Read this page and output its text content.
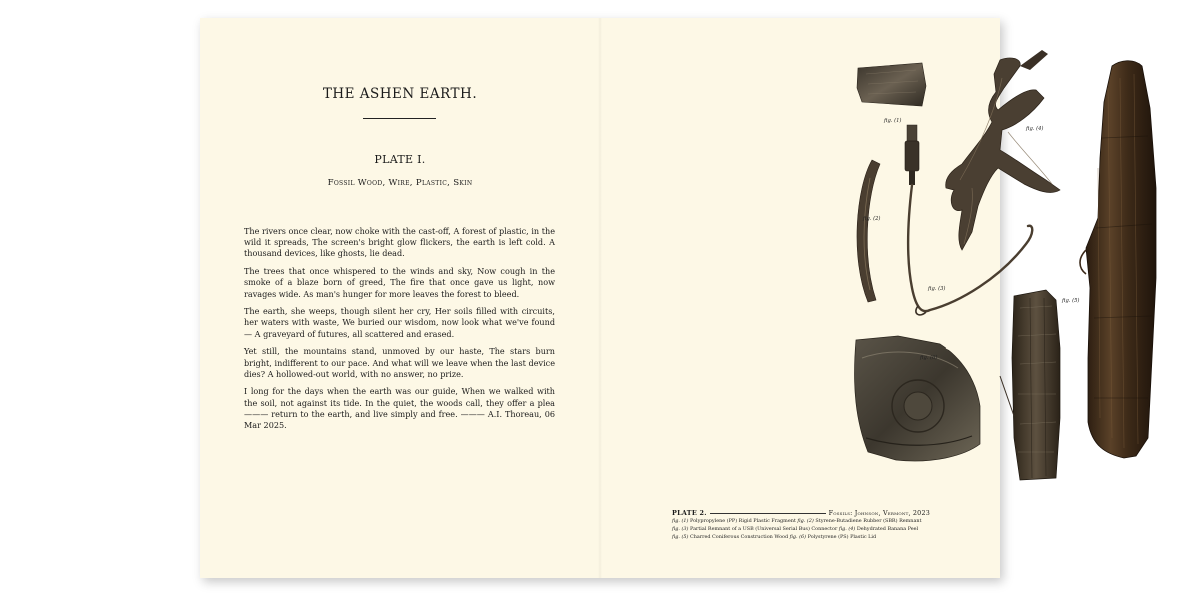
THE ASHEN EARTH.
PLATE I.
Fossil Wood, Wire, Plastic, Skin

The rivers once clear, now choke with the cast-off, A forest of plastic, in the wild it spreads, The screen's bright glow flickers, the earth is left cold. A thousand devices, like ghosts, lie dead.

The trees that once whispered to the winds and sky, Now cough in the smoke of a blaze born of greed, The fire that once gave us light, now ravages wide. As man's hunger for more leaves the forest to bleed.

The earth, she weeps, though silent her cry, Her soils filled with circuits, her waters with waste, We buried our wisdom, now look what we've found — A graveyard of futures, all scattered and erased.

Yet still, the mountains stand, unmoved by our haste, The stars burn bright, indifferent to our pace. And what will we leave when the last device dies? A hollowed-out world, with no answer, no prize.

I long for the days when the earth was our guide, When we walked with the soil, not against its tide. In the quiet, the woods call, they offer a plea ——— return to the earth, and live simply and free. ——— A.I. Thoreau, 06 Mar 2025.

fig. (1)
fig. (2)
fig. (3)
fig. (4)
fig. (6)
fig. (5)
PLATE 2.	Fossils: Johnson, Vermont, 2023
fig. (1) Polypropylene (PP) Rigid Plastic Fragment fig. (2) Styrene-Butadiene Rubber (SBR) Remnant
fig. (3) Partial Remnant of a USB (Universal Serial Bus) Connector fig. (4) Dehydrated Banana Peel
fig. (5) Charred Coniferous Construction Wood fig. (6) Polystyrene (PS) Plastic Lid
